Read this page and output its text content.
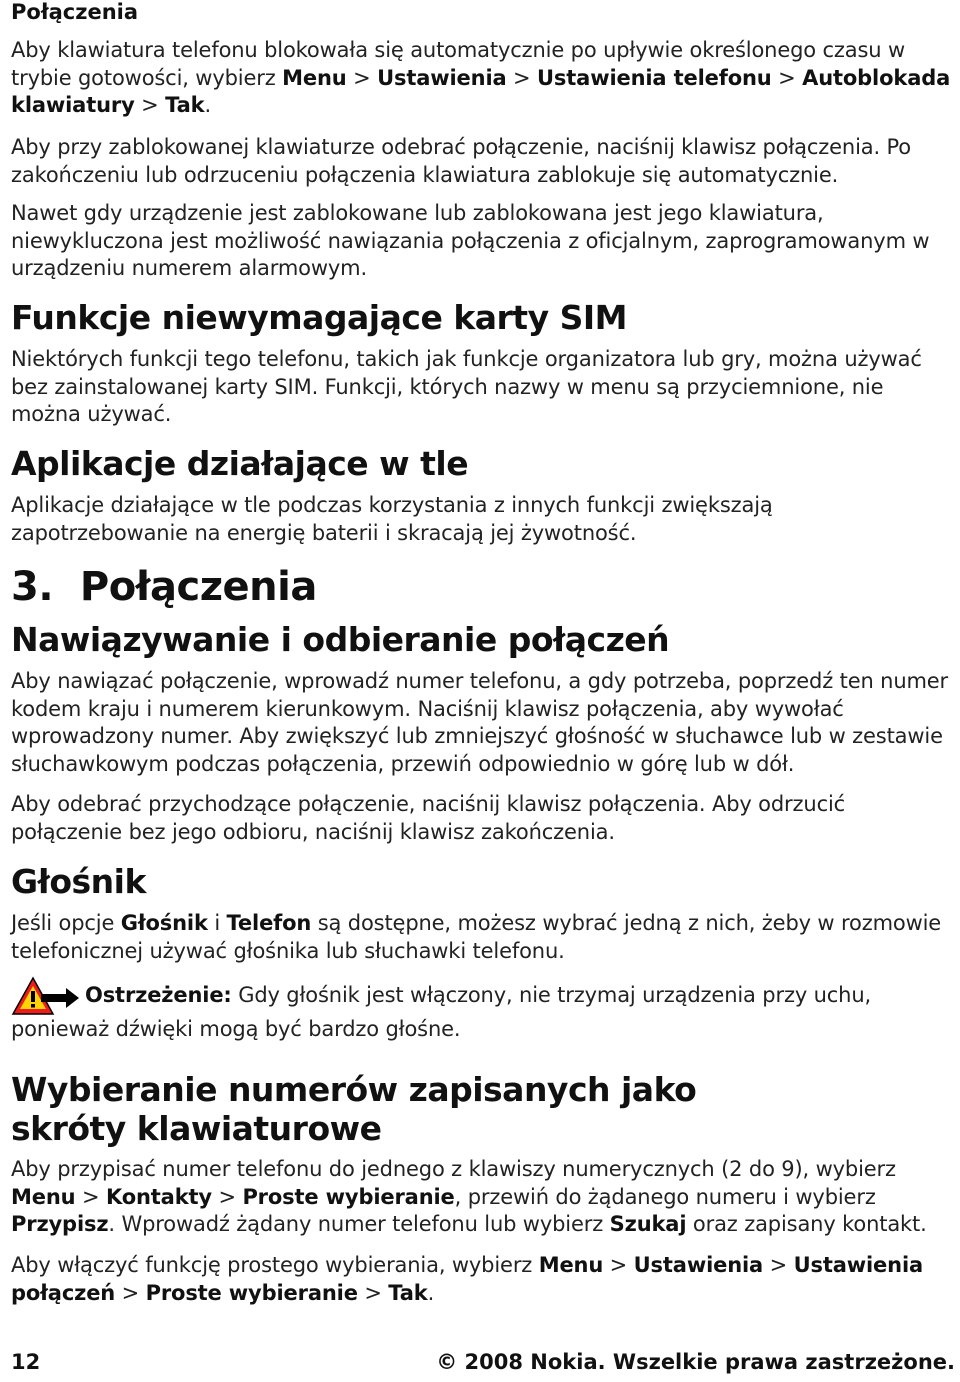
Połączenia

Aby klawiatura telefonu blokowała się automatycznie po upływie określonego czasu w trybie gotowości, wybierz Menu > Ustawienia > Ustawienia telefonu > Autoblokada klawiatury > Tak.

Aby przy zablokowanej klawiaturze odebrać połączenie, naciśnij klawisz połączenia. Po zakończeniu lub odrzuceniu połączenia klawiatura zablokuje się automatycznie.

Nawet gdy urządzenie jest zablokowane lub zablokowana jest jego klawiatura, niewykluczona jest możliwość nawiązania połączenia z oficjalnym, zaprogramowanym w urządzeniu numerem alarmowym.

Funkcje niewymagające karty SIM

Niektórych funkcji tego telefonu, takich jak funkcje organizatora lub gry, można używać bez zainstalowanej karty SIM. Funkcji, których nazwy w menu są przyciemnione, nie można używać.

Aplikacje działające w tle

Aplikacje działające w tle podczas korzystania z innych funkcji zwiększają zapotrzebowanie na energię baterii i skracają jej żywotność.

3.  Połączenia

Nawiązywanie i odbieranie połączeń

Aby nawiązać połączenie, wprowadź numer telefonu, a gdy potrzeba, poprzedź ten numer kodem kraju i numerem kierunkowym. Naciśnij klawisz połączenia, aby wywołać wprowadzony numer. Aby zwiększyć lub zmniejszyć głośność w słuchawce lub w zestawie słuchawkowym podczas połączenia, przewiń odpowiednio w górę lub w dół.

Aby odebrać przychodzące połączenie, naciśnij klawisz połączenia. Aby odrzucić połączenie bez jego odbioru, naciśnij klawisz zakończenia.

Głośnik

Jeśli opcje Głośnik i Telefon są dostępne, możesz wybrać jedną z nich, żeby w rozmowie telefonicznej używać głośnika lub słuchawki telefonu.

Ostrzeżenie: Gdy głośnik jest włączony, nie trzymaj urządzenia przy uchu, ponieważ dźwięki mogą być bardzo głośne.

Wybieranie numerów zapisanych jako skróty klawiaturowe

Aby przypisać numer telefonu do jednego z klawiszy numerycznych (2 do 9), wybierz Menu > Kontakty > Proste wybieranie, przewiń do żądanego numeru i wybierz Przypisz. Wprowadź żądany numer telefonu lub wybierz Szukaj oraz zapisany kontakt.

Aby włączyć funkcję prostego wybierania, wybierz Menu > Ustawienia > Ustawienia połączeń > Proste wybieranie > Tak.

12	© 2008 Nokia. Wszelkie prawa zastrzeżone.
